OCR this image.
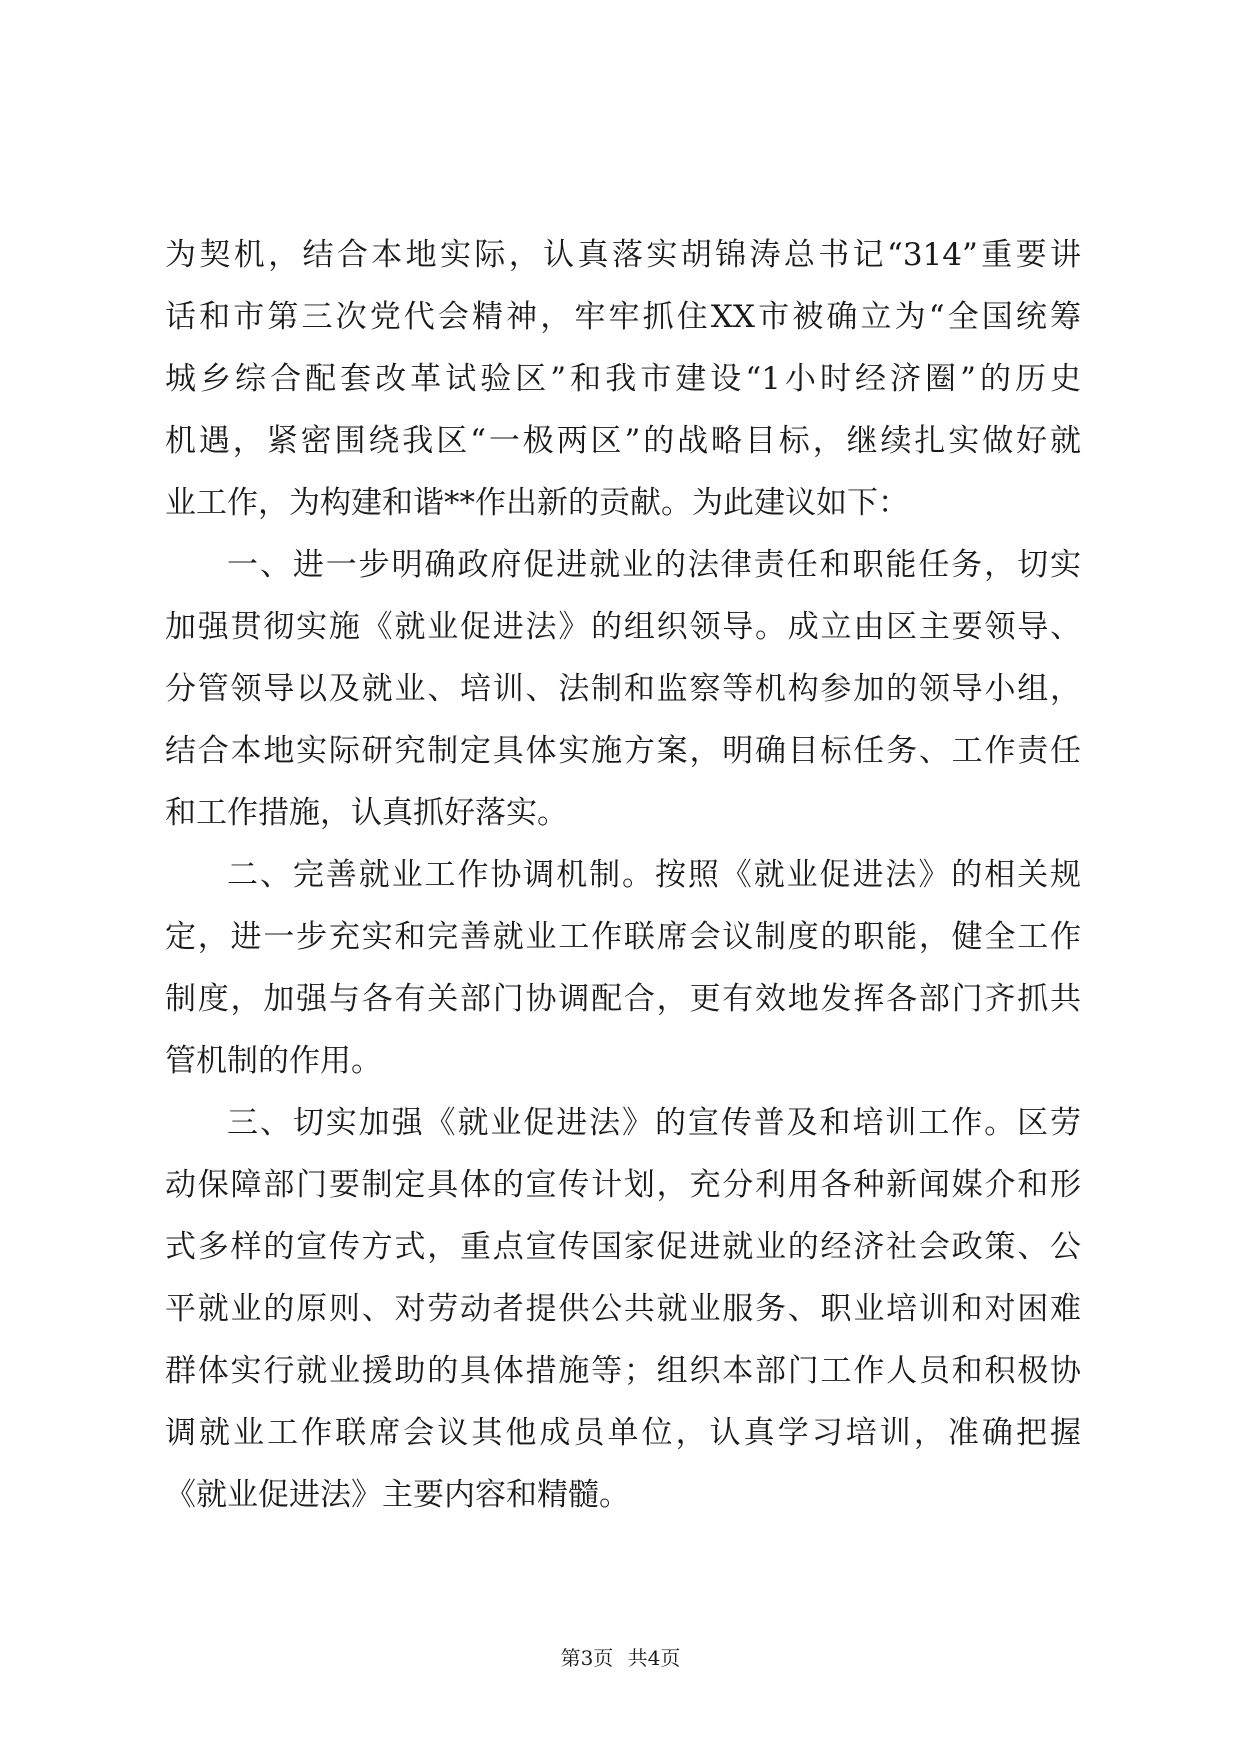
为契机，结合本地实际，认真落实胡锦涛总书记“314”重要讲
话和市第三次党代会精神，牢牢抓住XX市被确立为“全国统筹
城乡综合配套改革试验区”和我市建设“1小时经济圈”的历史
机遇，紧密围绕我区“一极两区”的战略目标，继续扎实做好就
业工作，为构建和谐**作出新的贡献。为此建议如下：
一、进一步明确政府促进就业的法律责任和职能任务，切实
加强贯彻实施《就业促进法》的组织领导。成立由区主要领导、
分管领导以及就业、培训、法制和监察等机构参加的领导小组，
结合本地实际研究制定具体实施方案，明确目标任务、工作责任
和工作措施，认真抓好落实。
二、完善就业工作协调机制。按照《就业促进法》的相关规
定，进一步充实和完善就业工作联席会议制度的职能，健全工作
制度，加强与各有关部门协调配合，更有效地发挥各部门齐抓共
管机制的作用。
三、切实加强《就业促进法》的宣传普及和培训工作。区劳
动保障部门要制定具体的宣传计划，充分利用各种新闻媒介和形
式多样的宣传方式，重点宣传国家促进就业的经济社会政策、公
平就业的原则、对劳动者提供公共就业服务、职业培训和对困难
群体实行就业援助的具体措施等；组织本部门工作人员和积极协
调就业工作联席会议其他成员单位，认真学习培训，准确把握
《就业促进法》主要内容和精髓。
第3页 共4页
